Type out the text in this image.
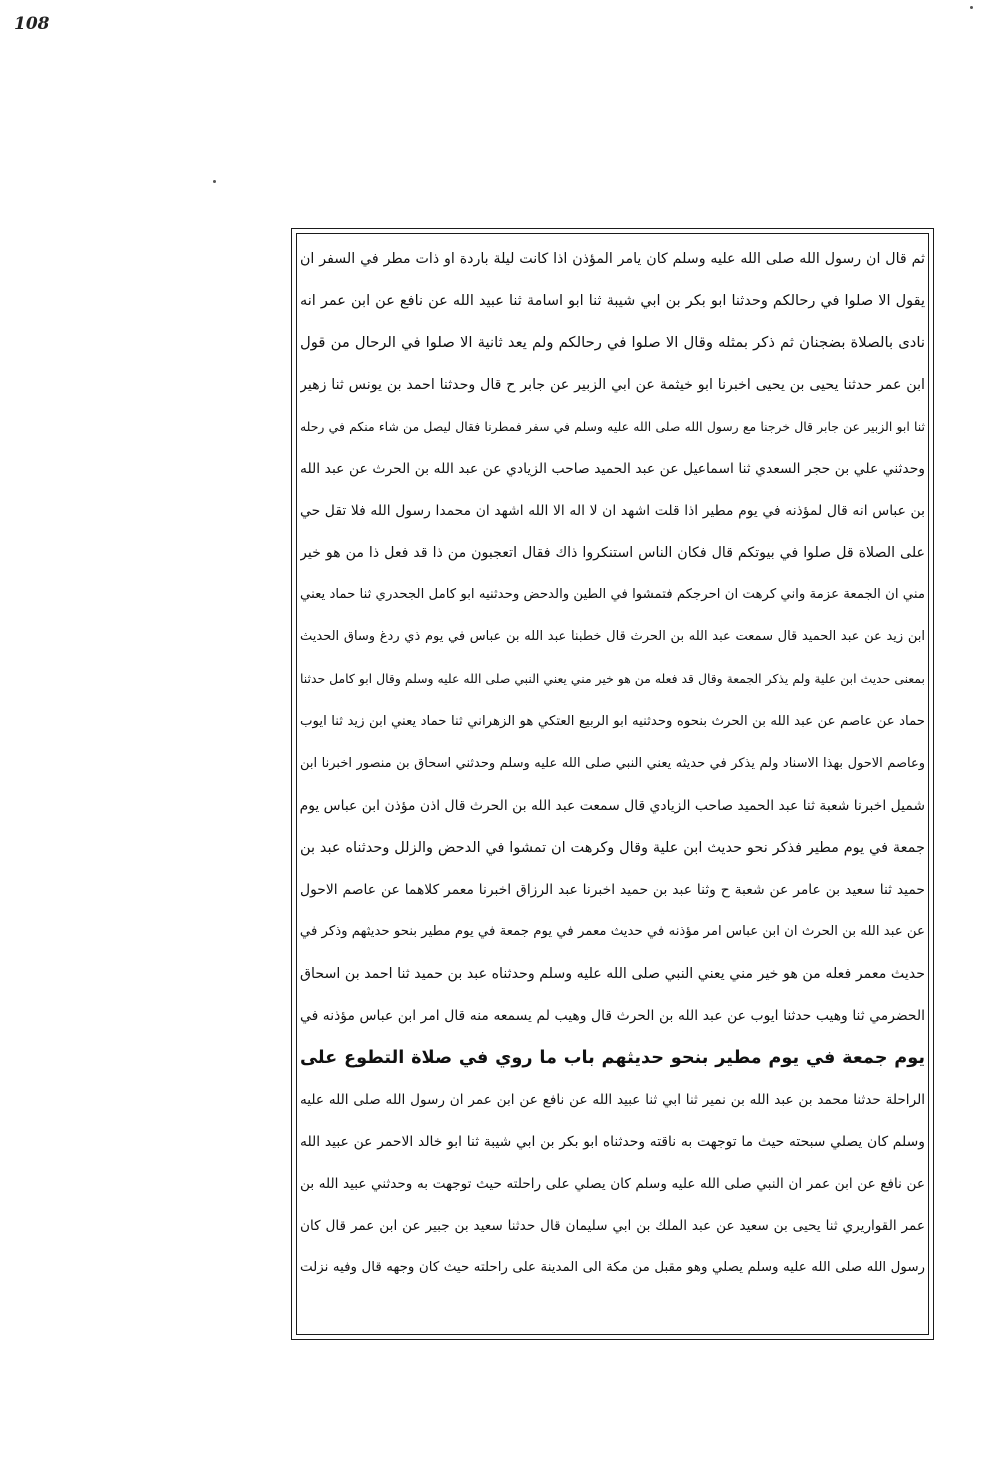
108
ثم قال ان رسول الله صلى الله عليه وسلم كان يامر المؤذن اذا كانت ليلة باردة او ذات مطر في السفر ان
يقول الا صلوا في رحالكم وحدثنا ابو بكر بن ابي شيبة ثنا ابو اسامة ثنا عبيد الله عن نافع عن ابن عمر انه
نادى بالصلاة بضجنان ثم ذكر بمثله وقال الا صلوا في رحالكم ولم يعد ثانية الا صلوا في الرحال من قول
ابن عمر حدثنا يحيى بن يحيى اخبرنا ابو خيثمة عن ابي الزبير عن جابر ح قال وحدثنا احمد بن يونس ثنا زهير
ثنا ابو الزبير عن جابر قال خرجنا مع رسول الله صلى الله عليه وسلم في سفر فمطرنا فقال ليصل من شاء منكم في رحله
وحدثني علي بن حجر السعدي ثنا اسماعيل عن عبد الحميد صاحب الزيادي عن عبد الله بن الحرث عن عبد الله
بن عباس انه قال لمؤذنه في يوم مطير اذا قلت اشهد ان لا اله الا الله اشهد ان محمدا رسول الله فلا تقل حي
على الصلاة قل صلوا في بيوتكم قال فكان الناس استنكروا ذاك فقال اتعجبون من ذا قد فعل ذا من هو خير
مني ان الجمعة عزمة واني كرهت ان احرجكم فتمشوا في الطين والدحض وحدثنيه ابو كامل الجحدري ثنا حماد يعني
ابن زيد عن عبد الحميد قال سمعت عبد الله بن الحرث قال خطبنا عبد الله بن عباس في يوم ذي ردغ وساق الحديث
بمعنى حديث ابن علية ولم يذكر الجمعة وقال قد فعله من هو خير مني يعني النبي صلى الله عليه وسلم وقال ابو كامل حدثنا
حماد عن عاصم عن عبد الله بن الحرث بنحوه وحدثنيه ابو الربيع العتكي هو الزهراني ثنا حماد يعني ابن زيد ثنا ايوب
وعاصم الاحول بهذا الاسناد ولم يذكر في حديثه يعني النبي صلى الله عليه وسلم وحدثني اسحاق بن منصور اخبرنا ابن
شميل اخبرنا شعبة ثنا عبد الحميد صاحب الزيادي قال سمعت عبد الله بن الحرث قال اذن مؤذن ابن عباس يوم
جمعة في يوم مطير فذكر نحو حديث ابن علية وقال وكرهت ان تمشوا في الدحض والزلل وحدثناه عبد بن
حميد ثنا سعيد بن عامر عن شعبة ح وثنا عبد بن حميد اخبرنا عبد الرزاق اخبرنا معمر كلاهما عن عاصم الاحول
عن عبد الله بن الحرث ان ابن عباس امر مؤذنه في حديث معمر في يوم جمعة في يوم مطير بنحو حديثهم وذكر في
حديث معمر فعله من هو خير مني يعني النبي صلى الله عليه وسلم وحدثناه عبد بن حميد ثنا احمد بن اسحاق
الحضرمي ثنا وهيب حدثنا ايوب عن عبد الله بن الحرث قال وهيب لم يسمعه منه قال امر ابن عباس مؤذنه في
يوم جمعة في يوم مطير بنحو حديثهم باب ما روي في صلاة التطوع على
الراحلة حدثنا محمد بن عبد الله بن نمير ثنا ابي ثنا عبيد الله عن نافع عن ابن عمر ان رسول الله صلى الله عليه
وسلم كان يصلي سبحته حيث ما توجهت به ناقته وحدثناه ابو بكر بن ابي شيبة ثنا ابو خالد الاحمر عن عبيد الله
عن نافع عن ابن عمر ان النبي صلى الله عليه وسلم كان يصلي على راحلته حيث توجهت به وحدثني عبيد الله بن
عمر القواريري ثنا يحيى بن سعيد عن عبد الملك بن ابي سليمان قال حدثنا سعيد بن جبير عن ابن عمر قال كان
رسول الله صلى الله عليه وسلم يصلي وهو مقبل من مكة الى المدينة على راحلته حيث كان وجهه قال وفيه نزلت
